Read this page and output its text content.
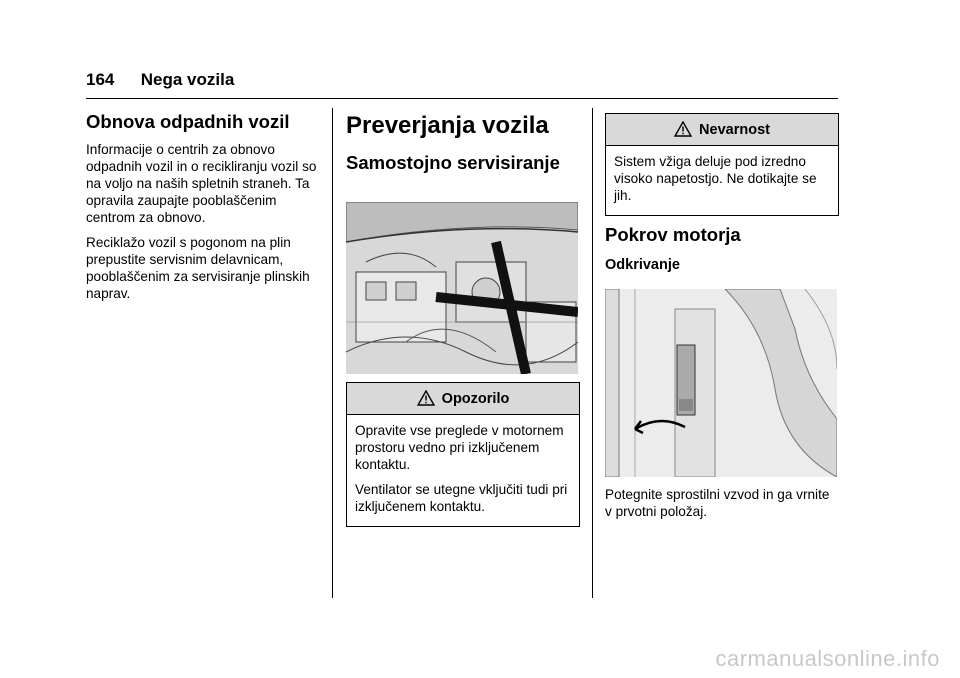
164 Nega vozila
Obnova odpadnih vozil

Informacije o centrih za obnovo odpadnih vozil in o recikliranju vozil so na voljo na naših spletnih straneh. Ta opravila zaupajte pooblaščenim centrom za obnovo.

Reciklažo vozil s pogonom na plin prepustite servisnim delavnicam, pooblaščenim za servisiranje plinskih naprav.

Preverjanja vozila
Samostojno servisiranje
Opozorilo

Opravite vse preglede v motornem prostoru vedno pri izključenem kontaktu.

Ventilator se utegne vključiti tudi pri izključenem kontaktu.

Nevarnost

Sistem vžiga deluje pod izredno visoko napetostjo. Ne dotikajte se jih.

Pokrov motorja
Odkrivanje

Potegnite sprostilni vzvod in ga vrnite v prvotni položaj.

carmanualsonline.info
